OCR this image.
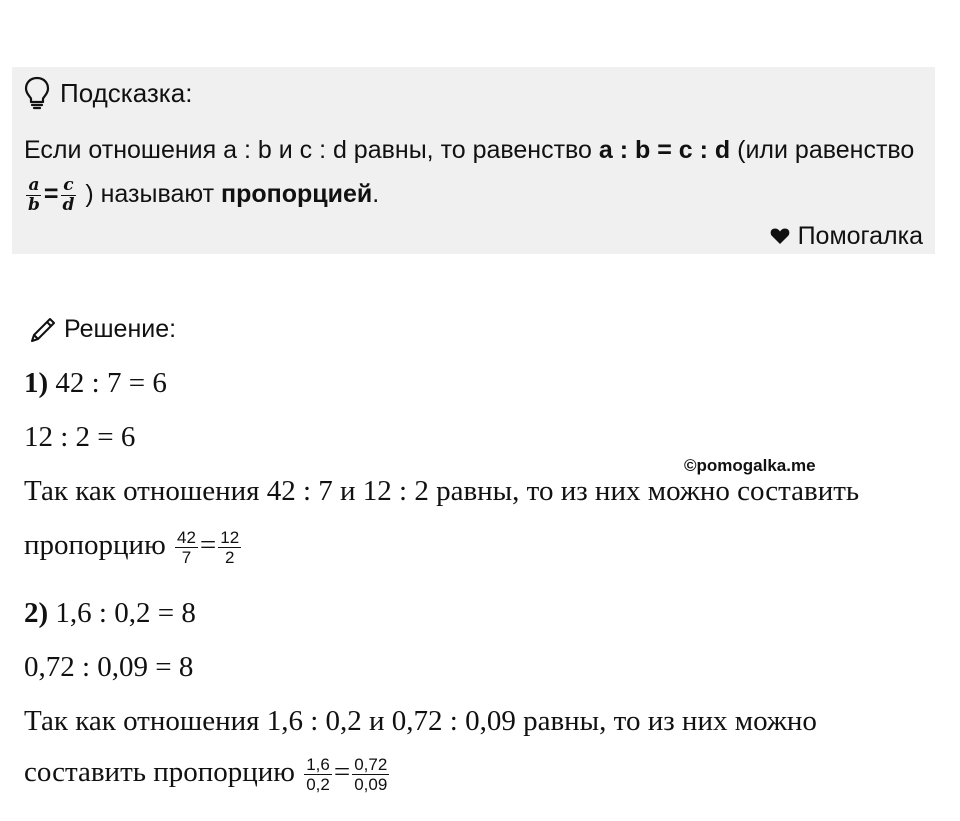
Подсказка:

Если отношения a : b и c : d равны, то равенство a : b = c : d (или равенство
$\frac{a}{b} = \frac{c}{d}$ ) называют пропорцией.

Помогалка
Решение:

1) 42 : 7 = 6

12 : 2 = 6

©pomogalka.me

Так как отношения 42 : 7 и 12 : 2 равны, то из них можно составить

пропорцию $\frac{42}{7} = \frac{12}{2}$

2) 1,6 : 0,2 = 8

0,72 : 0,09 = 8

Так как отношения 1,6 : 0,2 и 0,72 : 0,09 равны, то из них можно

составить пропорцию $\frac{1,6}{0,2} = \frac{0,72}{0,09}$
